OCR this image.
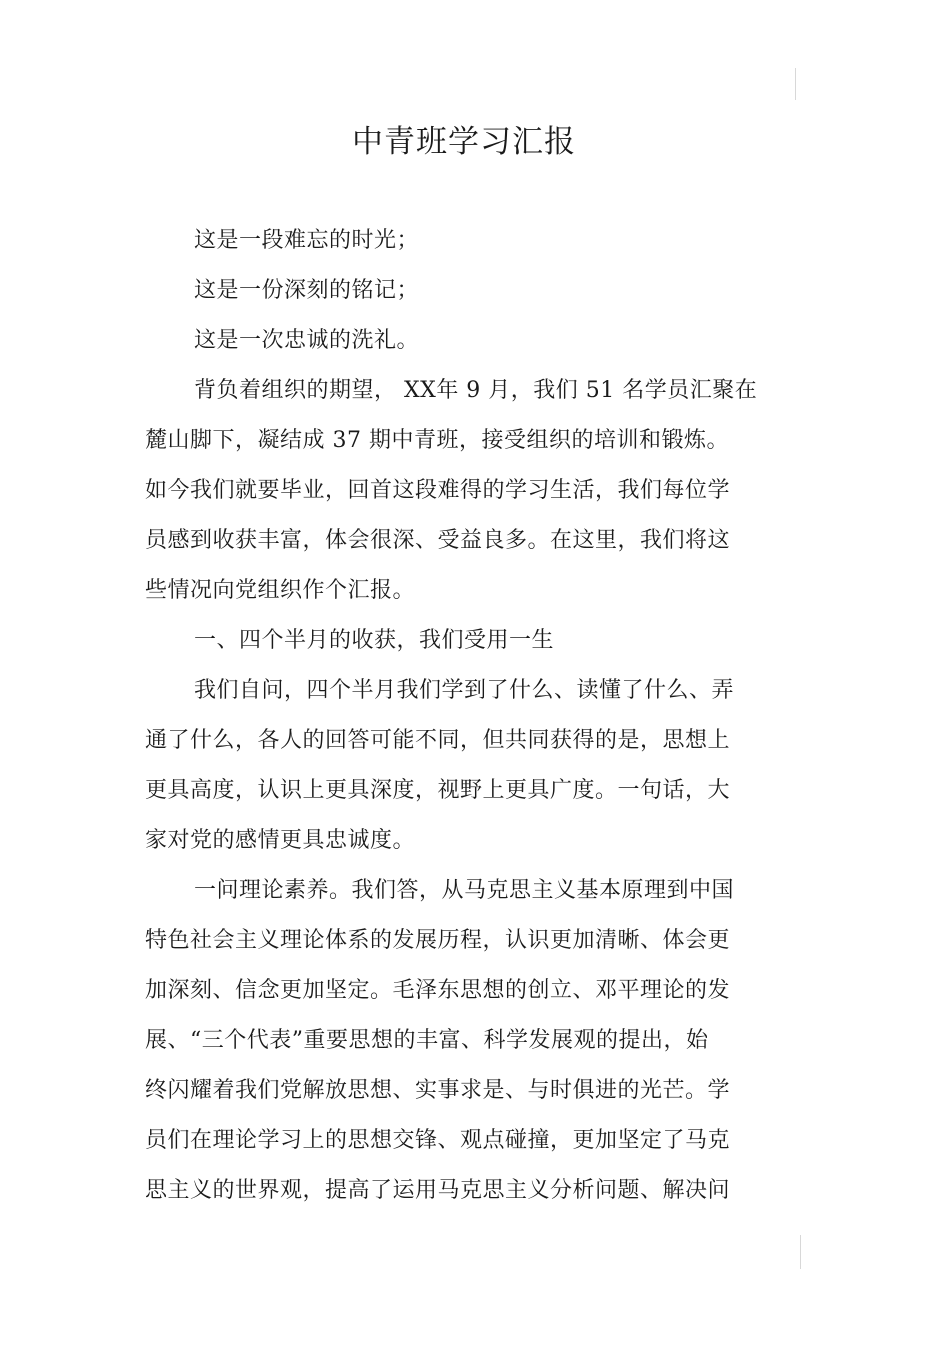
中青班学习汇报
这是一段难忘的时光；
这是一份深刻的铭记；
这是一次忠诚的洗礼。
背负着组织的期望， XX年 9 月，我们 51 名学员汇聚在
麓山脚下，凝结成 37 期中青班，接受组织的培训和锻炼。
如今我们就要毕业，回首这段难得的学习生活，我们每位学
员感到收获丰富，体会很深、受益良多。在这里，我们将这
些情况向党组织作个汇报。
一、四个半月的收获，我们受用一生
我们自问，四个半月我们学到了什么、读懂了什么、弄
通了什么，各人的回答可能不同，但共同获得的是，思想上
更具高度，认识上更具深度，视野上更具广度。一句话，大
家对党的感情更具忠诚度。
一问理论素养。我们答，从马克思主义基本原理到中国
特色社会主义理论体系的发展历程，认识更加清晰、体会更
加深刻、信念更加坚定。毛泽东思想的创立、邓平理论的发
展、“三个代表”重要思想的丰富、科学发展观的提出，始
终闪耀着我们党解放思想、实事求是、与时俱进的光芒。学
员们在理论学习上的思想交锋、观点碰撞，更加坚定了马克
思主义的世界观，提高了运用马克思主义分析问题、解决问
